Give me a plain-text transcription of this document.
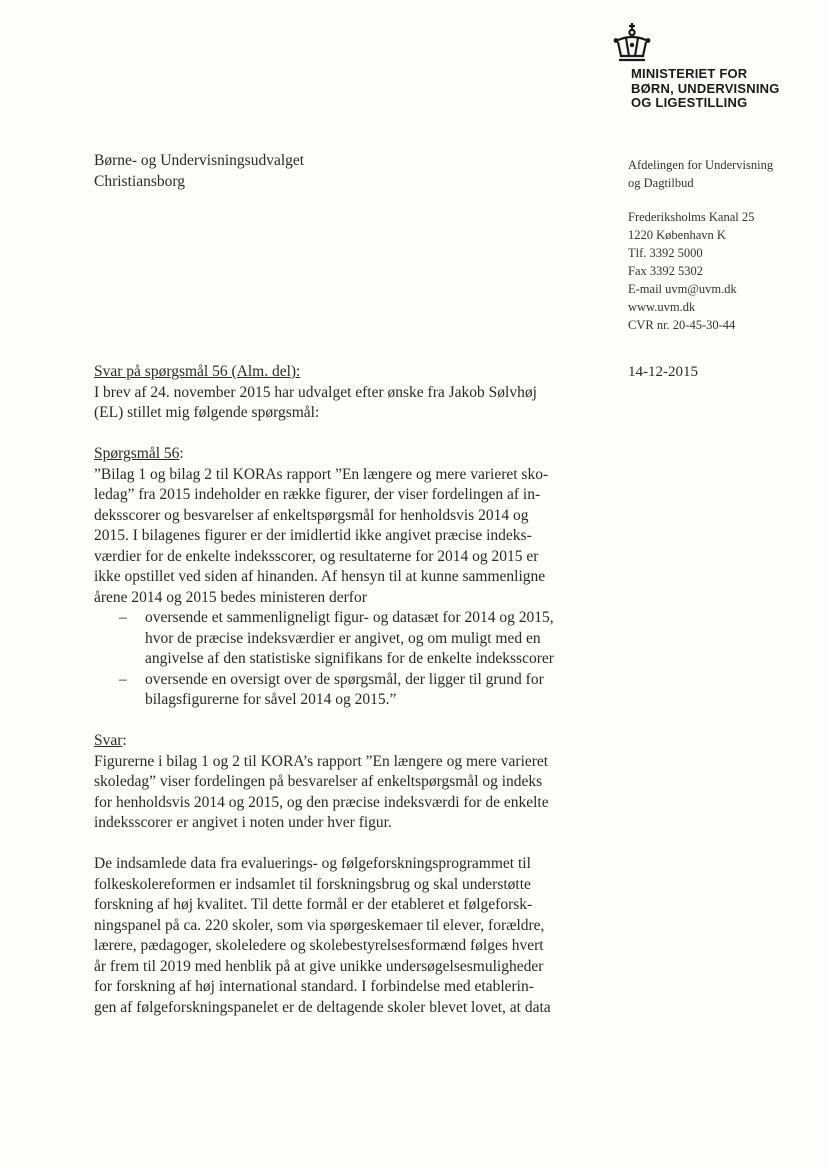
MINISTERIET FOR
BØRN, UNDERVISNING
OG LIGESTILLING
Børne- og Undervisningsudvalget
Christiansborg
Afdelingen for Undervisning
og Dagtilbud
Frederiksholms Kanal 25
1220 København K
Tlf. 3392 5000
Fax 3392 5302
E-mail uvm@uvm.dk
www.uvm.dk
CVR nr. 20-45-30-44
14-12-2015

Svar på spørgsmål 56 (Alm. del):

I brev af 24. november 2015 har udvalget efter ønske fra Jakob Sølvhøj
(EL) stillet mig følgende spørgsmål:

Spørgsmål 56:

”Bilag 1 og bilag 2 til KORAs rapport ”En længere og mere varieret sko-
ledag” fra 2015 indeholder en række figurer, der viser fordelingen af in-
deksscorer og besvarelser af enkeltspørgsmål for henholdsvis 2014 og
2015. I bilagenes figurer er der imidlertid ikke angivet præcise indeks-
værdier for de enkelte indeksscorer, og resultaterne for 2014 og 2015 er
ikke opstillet ved siden af hinanden. Af hensyn til at kunne sammenligne
årene 2014 og 2015 bedes ministeren derfor

– oversende et sammenligneligt figur- og datasæt for 2014 og 2015,
hvor de præcise indeksværdier er angivet, og om muligt med en
angivelse af den statistiske signifikans for de enkelte indeksscorer
– oversende en oversigt over de spørgsmål, der ligger til grund for
bilagsfigurerne for såvel 2014 og 2015.”

Svar:

Figurerne i bilag 1 og 2 til KORA’s rapport ”En længere og mere varieret
skoledag” viser fordelingen på besvarelser af enkeltspørgsmål og indeks
for henholdsvis 2014 og 2015, og den præcise indeksværdi for de enkelte
indeksscorer er angivet i noten under hver figur.

De indsamlede data fra evaluerings- og følgeforskningsprogrammet til
folkeskolereformen er indsamlet til forskningsbrug og skal understøtte
forskning af høj kvalitet. Til dette formål er der etableret et følgeforsk-
ningspanel på ca. 220 skoler, som via spørgeskemaer til elever, forældre,
lærere, pædagoger, skoleledere og skolebestyrelsesformænd følges hvert
år frem til 2019 med henblik på at give unikke undersøgelsesmuligheder
for forskning af høj international standard. I forbindelse med etablerin-
gen af følgeforskningspanelet er de deltagende skoler blevet lovet, at data
